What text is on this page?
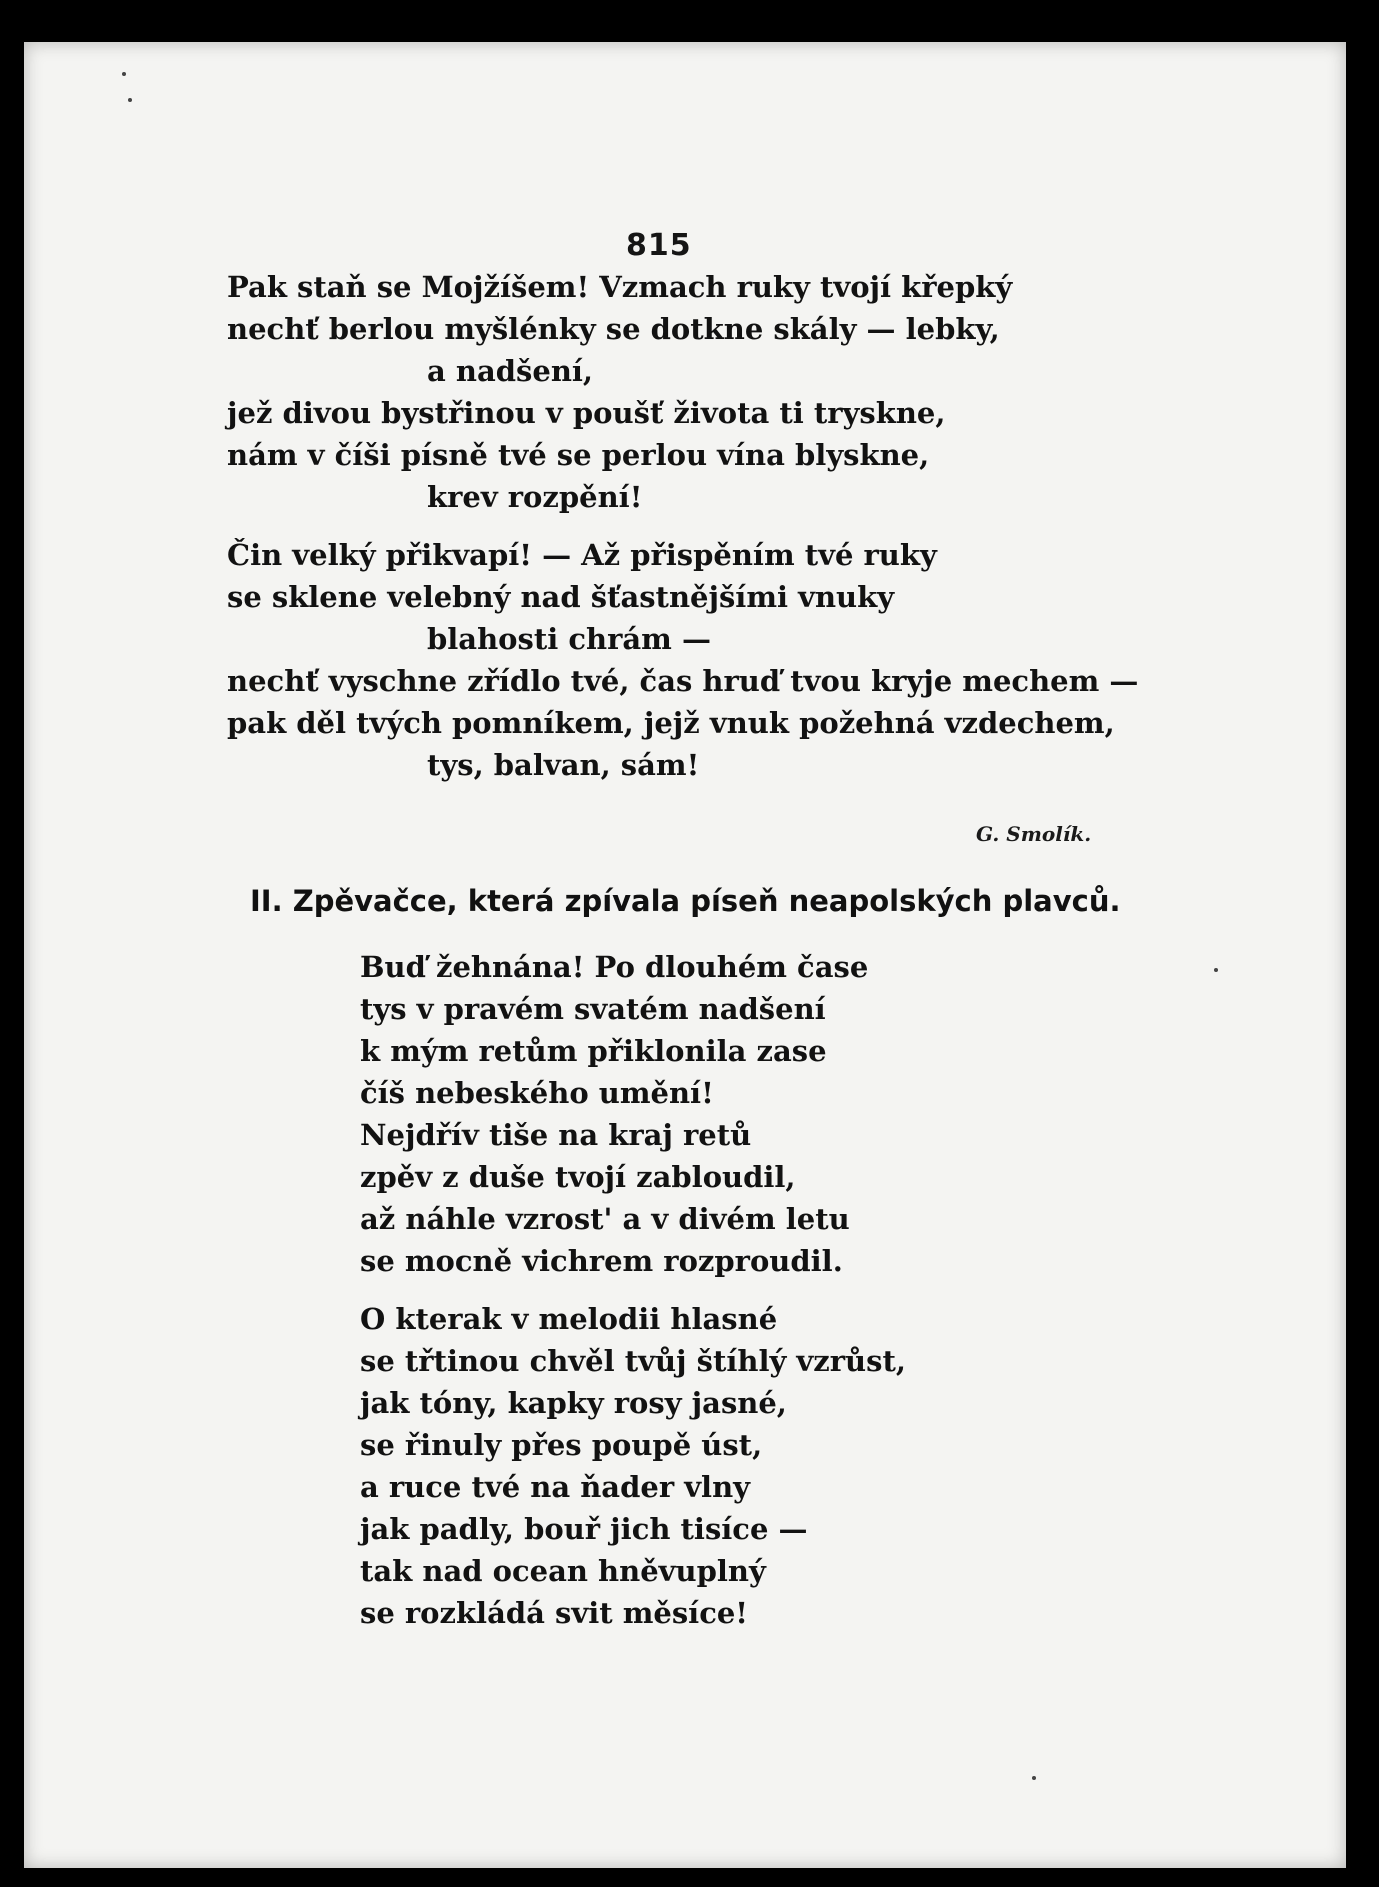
815
Pak staň se Mojžíšem! Vzmach ruky tvojí křepký
nechť berlou myšlénky se dotkne skály — lebky,
a nadšení,
jež divou bystřinou v poušť života ti tryskne,
nám v číši písně tvé se perlou vína blyskne,
krev rozpění!
Čin velký přikvapí! — Až přispěním tvé ruky
se sklene velebný nad šťastnějšími vnuky
blahosti chrám —
nechť vyschne zřídlo tvé, čas hruď tvou kryje mechem —
pak děl tvých pomníkem, jejž vnuk požehná vzdechem,
tys, balvan, sám!
G. Smolík.
II. Zpěvačce, která zpívala píseň neapolských plavců.
Buď žehnána! Po dlouhém čase
tys v pravém svatém nadšení
k mým retům přiklonila zase
číš nebeského umění!
Nejdřív tiše na kraj retů
zpěv z duše tvojí zabloudil,
až náhle vzrost' a v divém letu
se mocně vichrem rozproudil.
O kterak v melodii hlasné
se třtinou chvěl tvůj štíhlý vzrůst,
jak tóny, kapky rosy jasné,
se řinuly přes poupě úst,
a ruce tvé na ňader vlny
jak padly, bouř jich tisíce —
tak nad ocean hněvuplný
se rozkládá svit měsíce!
